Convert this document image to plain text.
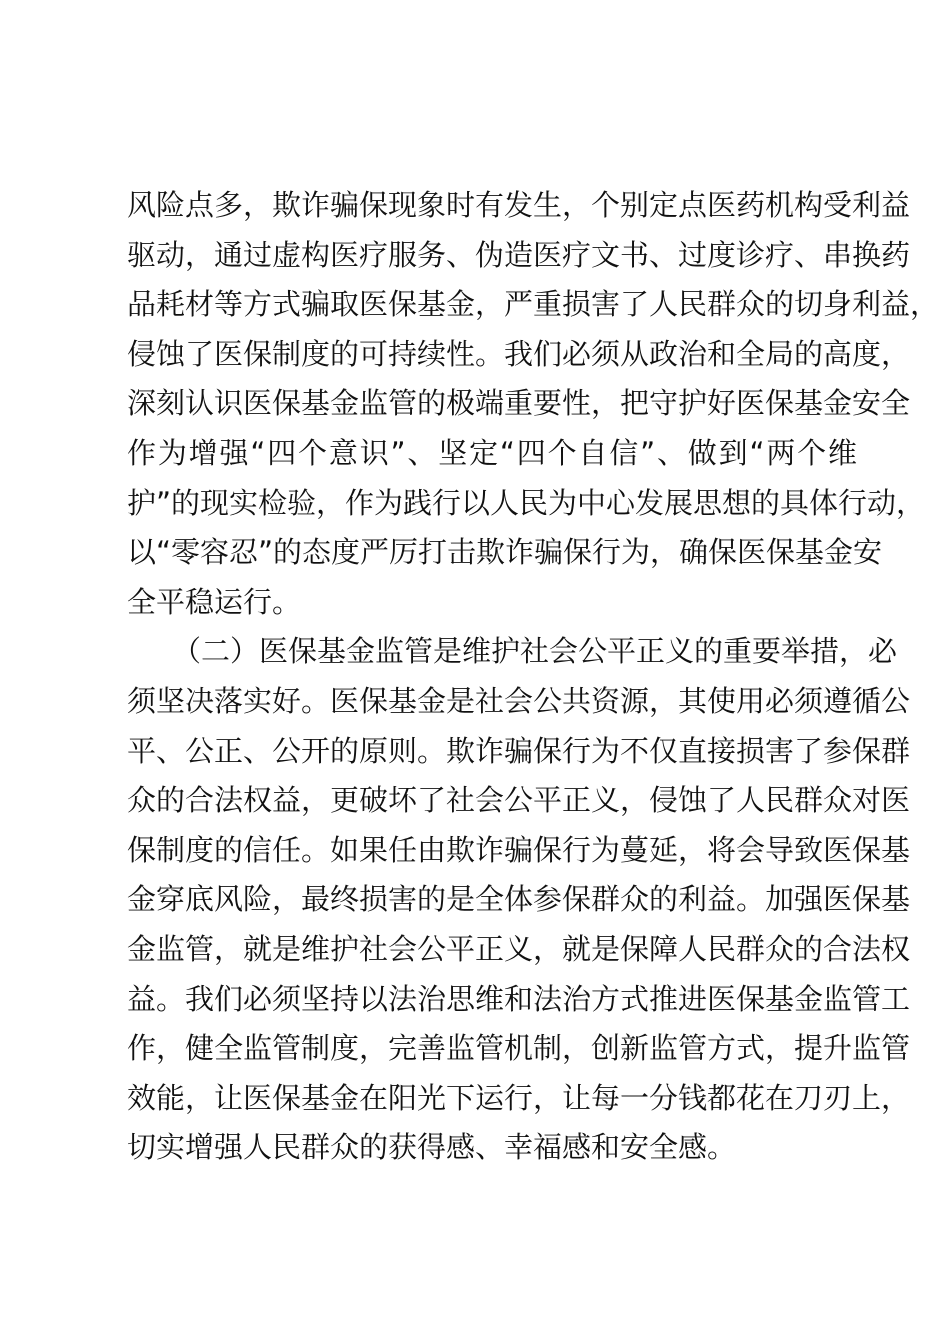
风险点多，欺诈骗保现象时有发生，个别定点医药机构受利益
驱动，通过虚构医疗服务、伪造医疗文书、过度诊疗、串换药
品耗材等方式骗取医保基金，严重损害了人民群众的切身利益，
侵蚀了医保制度的可持续性。我们必须从政治和全局的高度，
深刻认识医保基金监管的极端重要性，把守护好医保基金安全
作为增强“四个意识”、坚定“四个自信”、做到“两个维
护”的现实检验，作为践行以人民为中心发展思想的具体行动，
以“零容忍”的态度严厉打击欺诈骗保行为，确保医保基金安
全平稳运行。
（二）医保基金监管是维护社会公平正义的重要举措，必
须坚决落实好。医保基金是社会公共资源，其使用必须遵循公
平、公正、公开的原则。欺诈骗保行为不仅直接损害了参保群
众的合法权益，更破坏了社会公平正义，侵蚀了人民群众对医
保制度的信任。如果任由欺诈骗保行为蔓延，将会导致医保基
金穿底风险，最终损害的是全体参保群众的利益。加强医保基
金监管，就是维护社会公平正义，就是保障人民群众的合法权
益。我们必须坚持以法治思维和法治方式推进医保基金监管工
作，健全监管制度，完善监管机制，创新监管方式，提升监管
效能，让医保基金在阳光下运行，让每一分钱都花在刀刃上，
切实增强人民群众的获得感、幸福感和安全感。
